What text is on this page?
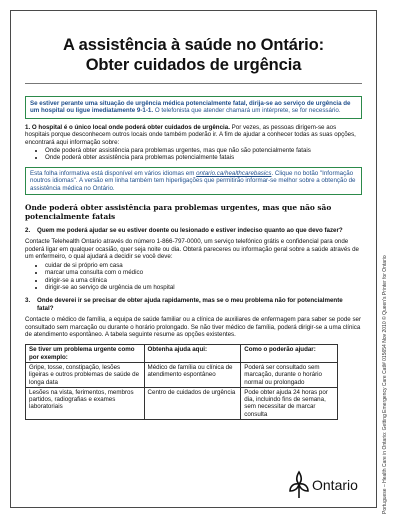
A assistência à saúde no Ontário:
Obter cuidados de urgência
Se estiver perante uma situação de urgência médica potencialmente fatal, dirija-se ao serviço de urgência de um hospital ou ligue imediatamente 9-1-1. O telefonista que atender chamará um intérprete, se for necessário.
1. O hospital é o único local onde poderá obter cuidados de urgência. Por vezes, as pessoas dirigem-se aos hospitais porque desconhecem outros locais onde também poderão ir. A fim de ajudar a conhecer todas as suas opções, encontrará aqui informação sobre:
• Onde poderá obter assistência para problemas urgentes, mas que não são potencialmente fatais
• Onde poderá obter assistência para problemas potencialmente fatais
Esta folha informativa está disponível em vários idiomas em ontario.ca/healthcarebasics. Clique no botão "Informação noutros idiomas". A versão em linha também tem hiperligações que permitirão informar-se melhor sobre a obtenção de assistência médica no Ontário.
Onde poderá obter assistência para problemas urgentes, mas que não são potencialmente fatais
2. Quem me poderá ajudar se eu estiver doente ou lesionado e estiver indeciso quanto ao que devo fazer?
Contacte Telehealth Ontario através do número 1-866-797-0000, um serviço telefónico grátis e confidencial para onde poderá ligar em qualquer ocasião, quer seja noite ou dia. Obterá pareceres ou informação geral sobre a saúde através de um enfermeiro, o qual ajudará a decidir se você deve:
• cuidar de si próprio em casa
• marcar uma consulta com o médico
• dirigir-se a uma clínica
• dirigir-se ao serviço de urgência de um hospital
3. Onde deverei ir se precisar de obter ajuda rapidamente, mas se o meu problema não for potencialmente fatal?
Contacte o médico de família, a equipa de saúde familiar ou a clínica de auxiliares de enfermagem para saber se pode ser consultado sem marcação ou durante o horário prolongado. Se não tiver médico de família, poderá dirigir-se a uma clínica de atendimento espontâneo. A tabela seguinte resume as opções existentes.
Se tiver um problema urgente como por exemplo:	Obtenha ajuda aqui:	Como o poderão ajudar:
Gripe, tosse, constipação, lesões ligeiras e outros problemas de saúde de longa data	Médico de família ou clínica de atendimento espontâneo	Poderá ser consultado sem marcação, durante o horário normal ou prolongado
Lesões na vista, ferimentos, membros partidos, radiografias e exames laboratoriais	Centro de cuidados de urgência	Pode obter ajuda 24 horas por dia, incluindo fins de semana, sem necessitar de marcar consulta
Ontario	Portuguese – Health Care in Ontario: Getting Emergency Care Catl# 015654 Nov 2010 © Queen's Printer for Ontario
